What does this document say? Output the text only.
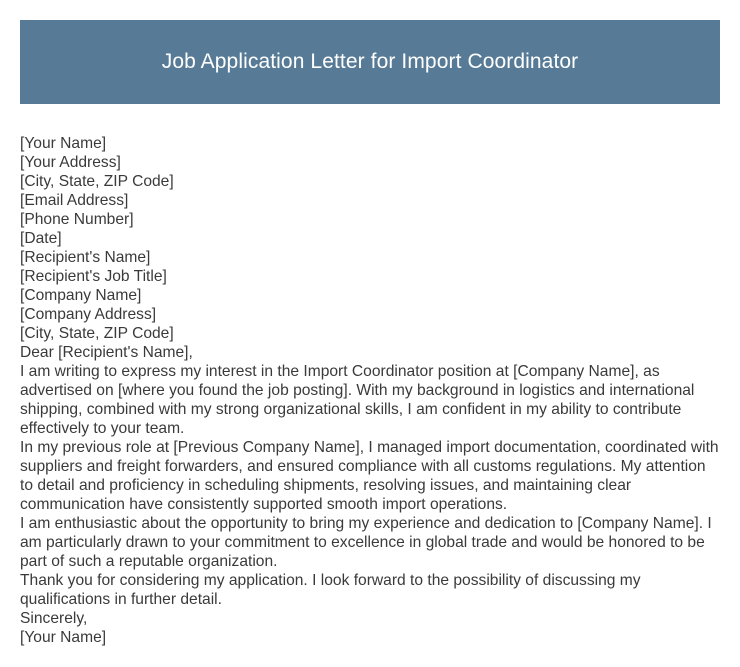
Job Application Letter for Import Coordinator

[Your Name]

[Your Address]

[City, State, ZIP Code]

[Email Address]

[Phone Number]

[Date]

[Recipient's Name]

[Recipient's Job Title]

[Company Name]

[Company Address]

[City, State, ZIP Code]

Dear [Recipient's Name],

I am writing to express my interest in the Import Coordinator position at [Company Name], as advertised on [where you found the job posting]. With my background in logistics and international shipping, combined with my strong organizational skills, I am confident in my ability to contribute effectively to your team.

In my previous role at [Previous Company Name], I managed import documentation, coordinated with suppliers and freight forwarders, and ensured compliance with all customs regulations. My attention to detail and proficiency in scheduling shipments, resolving issues, and maintaining clear communication have consistently supported smooth import operations.

I am enthusiastic about the opportunity to bring my experience and dedication to [Company Name]. I am particularly drawn to your commitment to excellence in global trade and would be honored to be part of such a reputable organization.

Thank you for considering my application. I look forward to the possibility of discussing my qualifications in further detail.

Sincerely,

[Your Name]
